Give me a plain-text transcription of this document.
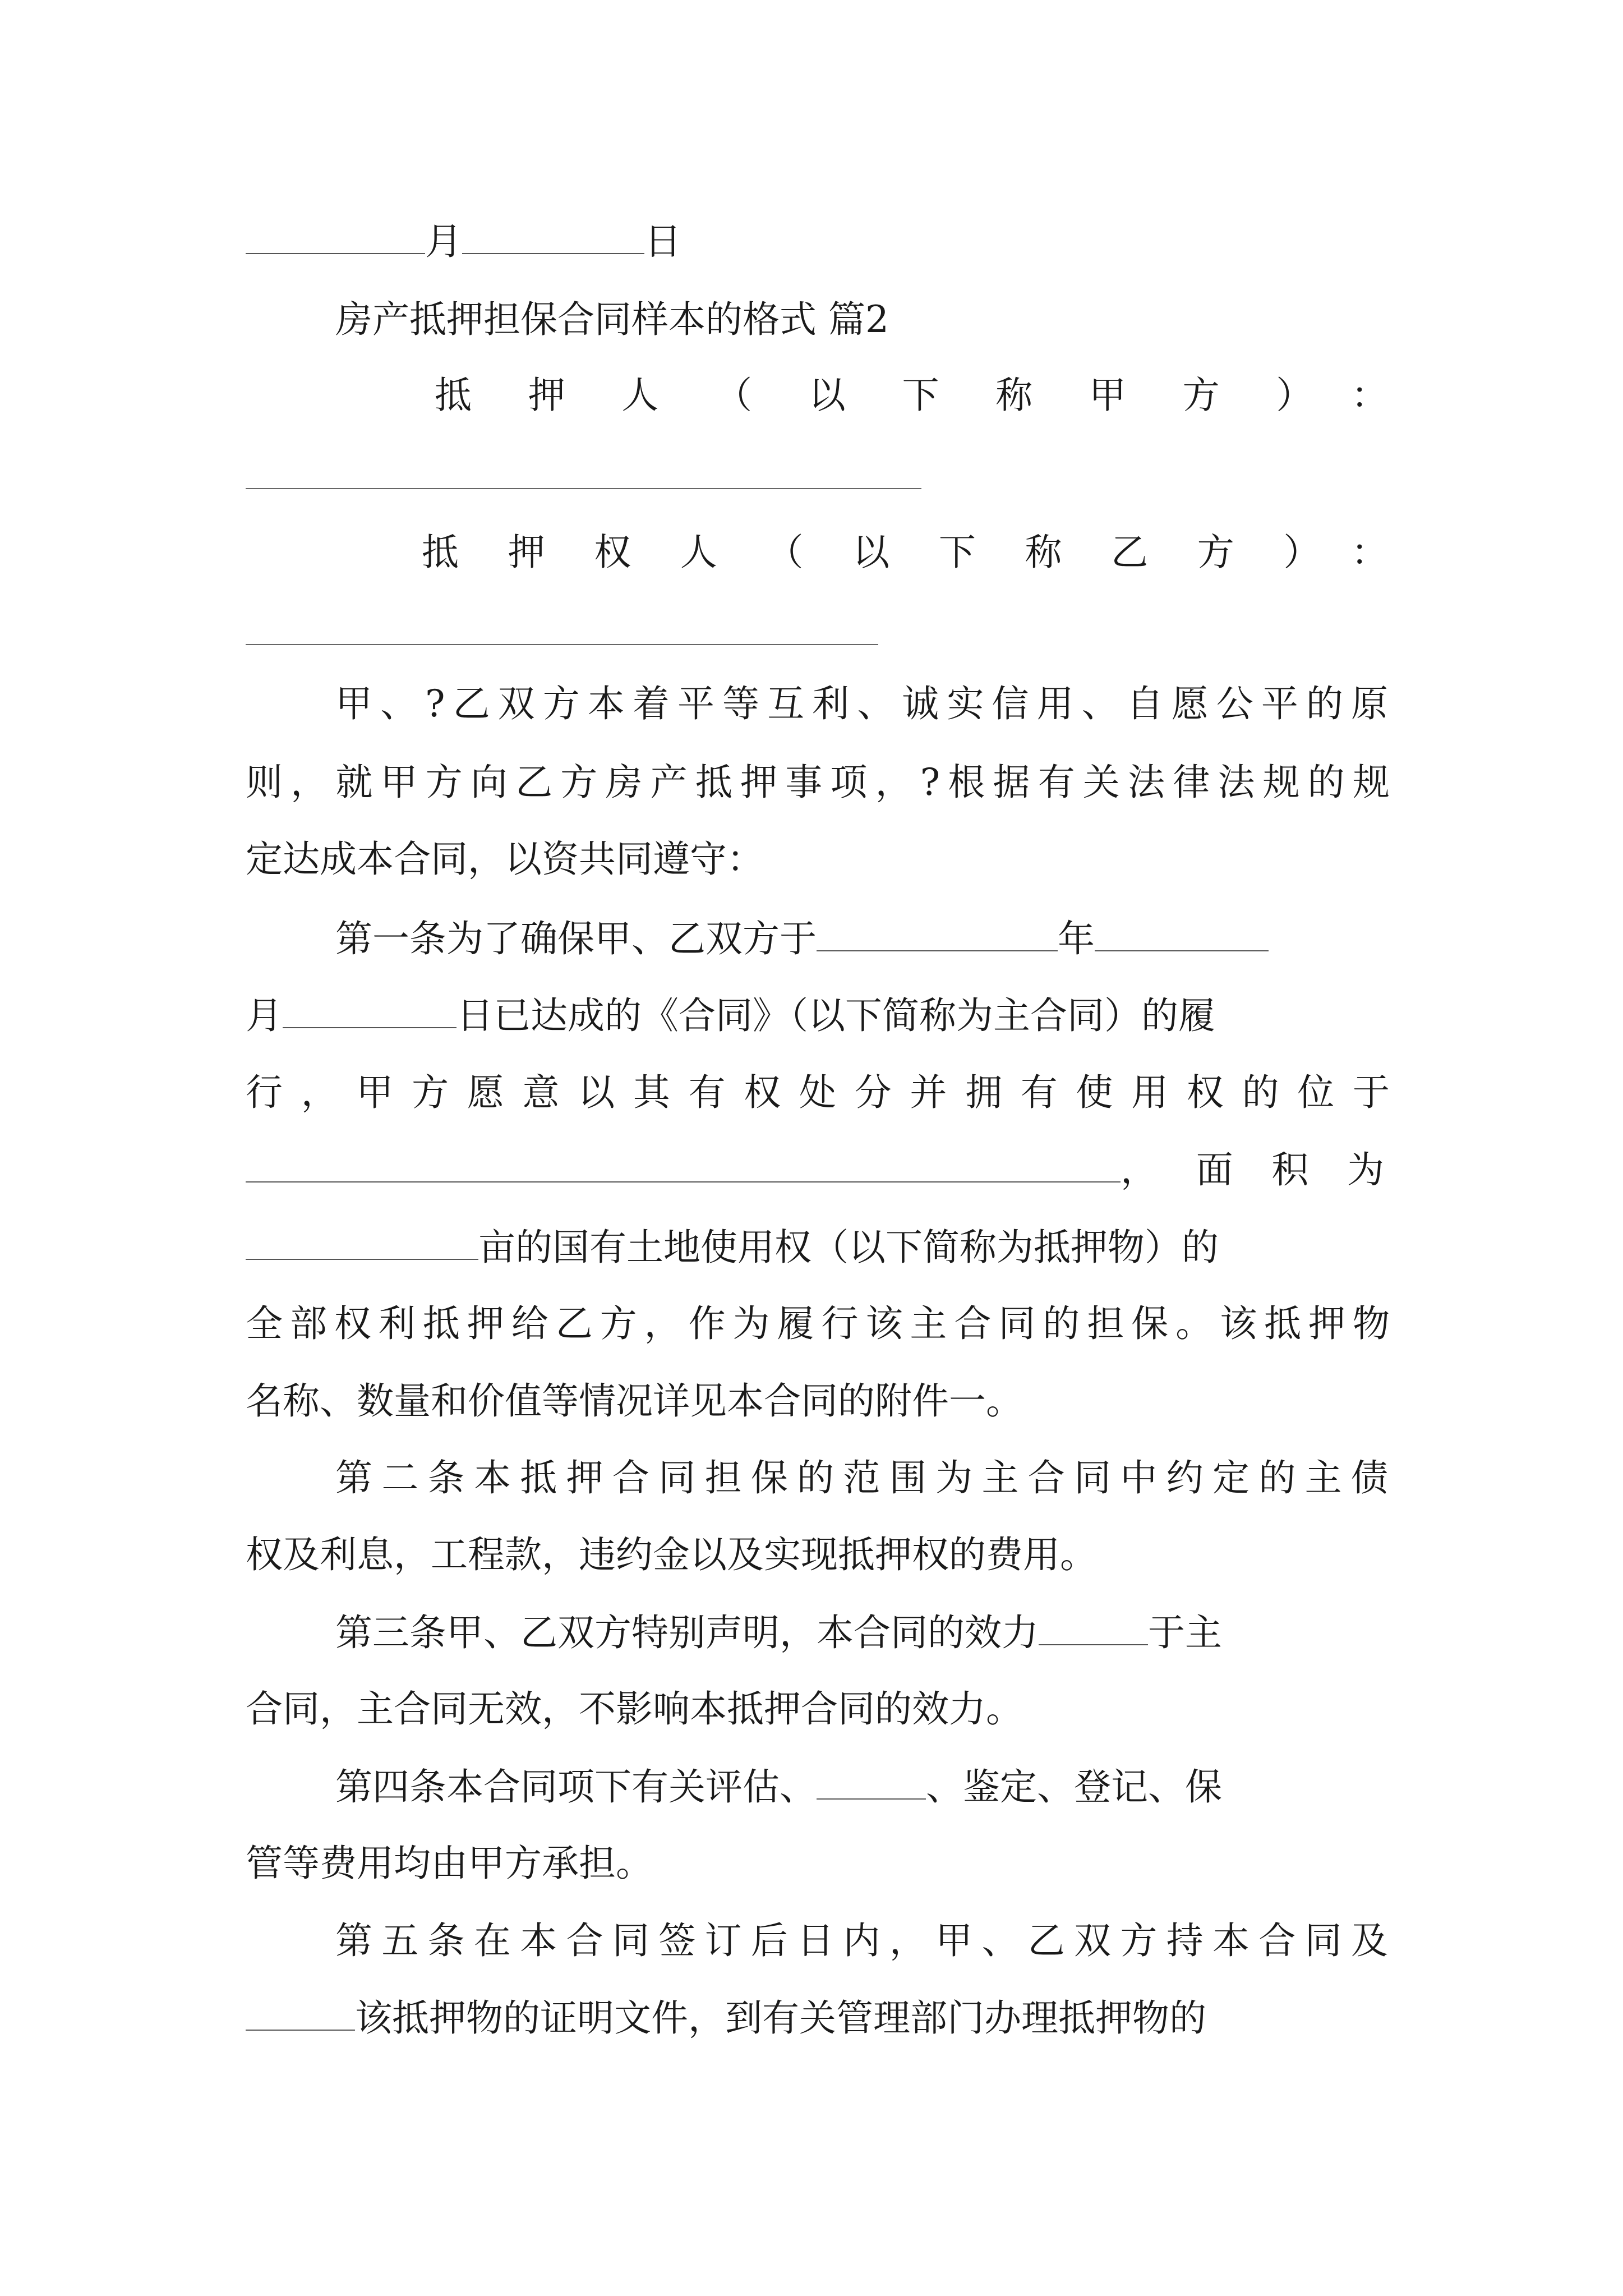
月	日
房产抵押担保合同样本的格式 篇2
抵押人（以下称甲方）：
抵押权人（以下称乙方）：
甲、?乙双方本着平等互利、诚实信用、自愿公平的原
则，就甲方向乙方房产抵押事项，?根据有关法律法规的规
定达成本合同，以资共同遵守：
第一条为了确保甲、乙双方于	年
月	日已达成的《合同》（以下简称为主合同）的履
行，甲方愿意以其有权处分并拥有使用权的位于
，面积为
亩的国有土地使用权（以下简称为抵押物）的
全部权利抵押给乙方，作为履行该主合同的担保。该抵押物
名称、数量和价值等情况详见本合同的附件一。
第二条本抵押合同担保的范围为主合同中约定的主债
权及利息，工程款，违约金以及实现抵押权的费用。
第三条甲、乙双方特别声明，本合同的效力	于主
合同，主合同无效，不影响本抵押合同的效力。
第四条本合同项下有关评估、	、鉴定、登记、保
管等费用均由甲方承担。
第五条在本合同签订后日内，甲、乙双方持本合同及
该抵押物的证明文件，到有关管理部门办理抵押物的
